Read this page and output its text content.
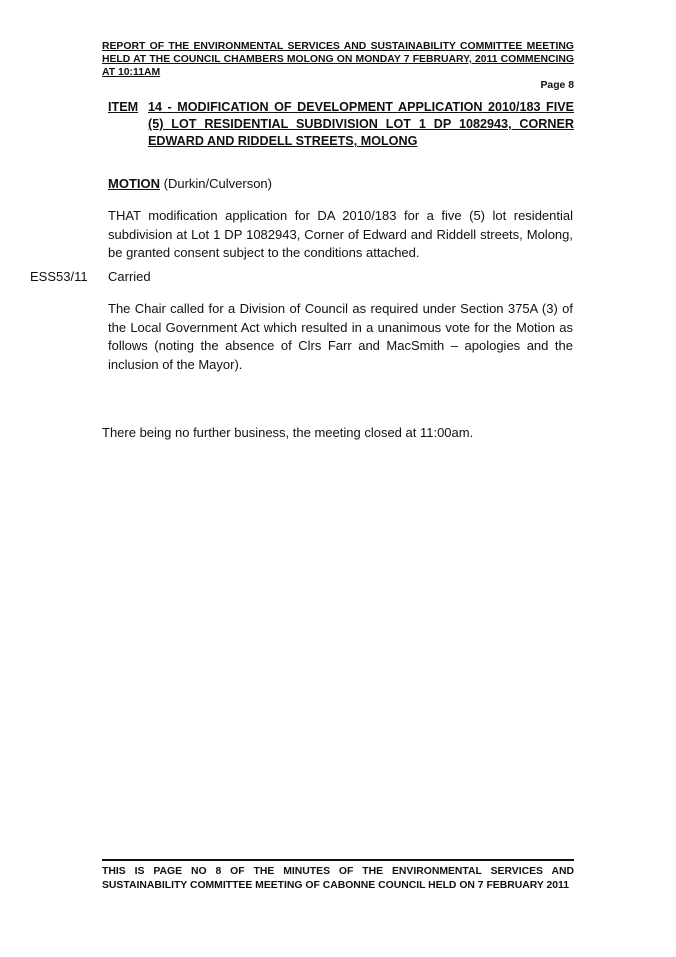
REPORT OF THE ENVIRONMENTAL SERVICES AND SUSTAINABILITY COMMITTEE MEETING HELD AT THE COUNCIL CHAMBERS MOLONG ON MONDAY 7 FEBRUARY, 2011 COMMENCING AT 10:11AM
Page 8
ITEM 14 - MODIFICATION OF DEVELOPMENT APPLICATION 2010/183 FIVE (5) LOT RESIDENTIAL SUBDIVISION LOT 1 DP 1082943, CORNER EDWARD AND RIDDELL STREETS, MOLONG
MOTION (Durkin/Culverson)
THAT modification application for DA 2010/183 for a five (5) lot residential subdivision at Lot 1 DP 1082943, Corner of Edward and Riddell streets, Molong, be granted consent subject to the conditions attached.
ESS53/11 Carried
The Chair called for a Division of Council as required under Section 375A (3) of the Local Government Act which resulted in a unanimous vote for the Motion as follows (noting the absence of Clrs Farr and MacSmith – apologies and the inclusion of the Mayor).
There being no further business, the meeting closed at 11:00am.
THIS IS PAGE NO 8 OF THE MINUTES OF THE ENVIRONMENTAL SERVICES AND SUSTAINABILITY COMMITTEE MEETING OF CABONNE COUNCIL HELD ON 7 FEBRUARY 2011
